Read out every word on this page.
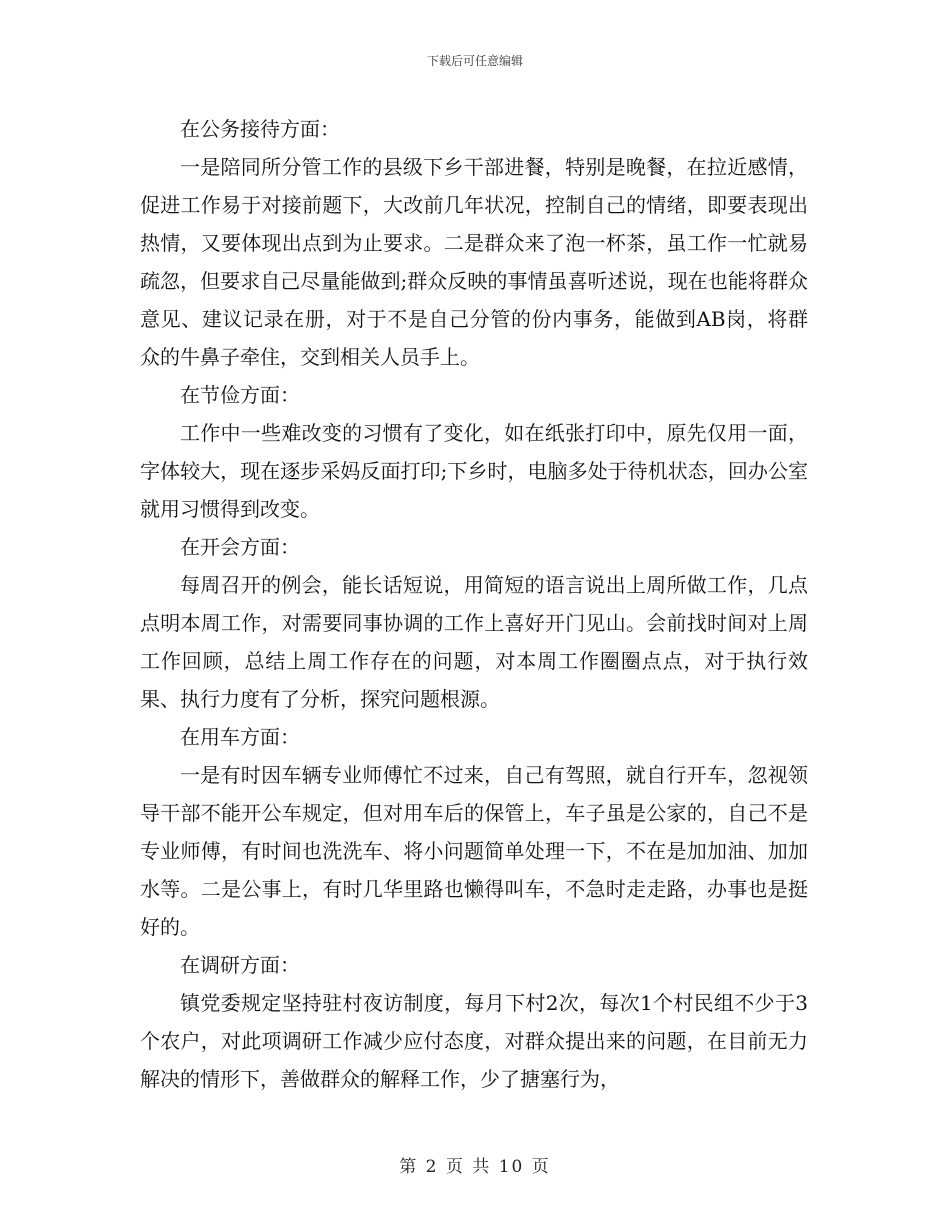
下载后可任意编辑

在公务接待方面：

一是陪同所分管工作的县级下乡干部进餐，特别是晚餐，在拉近感情，促进工作易于对接前题下，大改前几年状况，控制自己的情绪，即要表现出热情，又要体现出点到为止要求。二是群众来了泡一杯茶，虽工作一忙就易疏忽，但要求自己尽量能做到;群众反映的事情虽喜听述说，现在也能将群众意见、建议记录在册，对于不是自己分管的份内事务，能做到AB岗，将群众的牛鼻子牵住，交到相关人员手上。

在节俭方面：

工作中一些难改变的习惯有了变化，如在纸张打印中，原先仅用一面，字体较大，现在逐步采妈反面打印;下乡时，电脑多处于待机状态，回办公室就用习惯得到改变。

在开会方面：

每周召开的例会，能长话短说，用简短的语言说出上周所做工作，几点点明本周工作，对需要同事协调的工作上喜好开门见山。会前找时间对上周工作回顾，总结上周工作存在的问题，对本周工作圈圈点点，对于执行效果、执行力度有了分析，探究问题根源。

在用车方面：

一是有时因车辆专业师傅忙不过来，自己有驾照，就自行开车，忽视领导干部不能开公车规定，但对用车后的保管上，车子虽是公家的，自己不是专业师傅，有时间也洗洗车、将小问题简单处理一下，不在是加加油、加加水等。二是公事上，有时几华里路也懒得叫车，不急时走走路，办事也是挺好的。

在调研方面：

镇党委规定坚持驻村夜访制度，每月下村2次，每次1个村民组不少于3个农户，对此项调研工作减少应付态度，对群众提出来的问题，在目前无力解决的情形下，善做群众的解释工作，少了搪塞行为，

第 2 页 共 10 页
